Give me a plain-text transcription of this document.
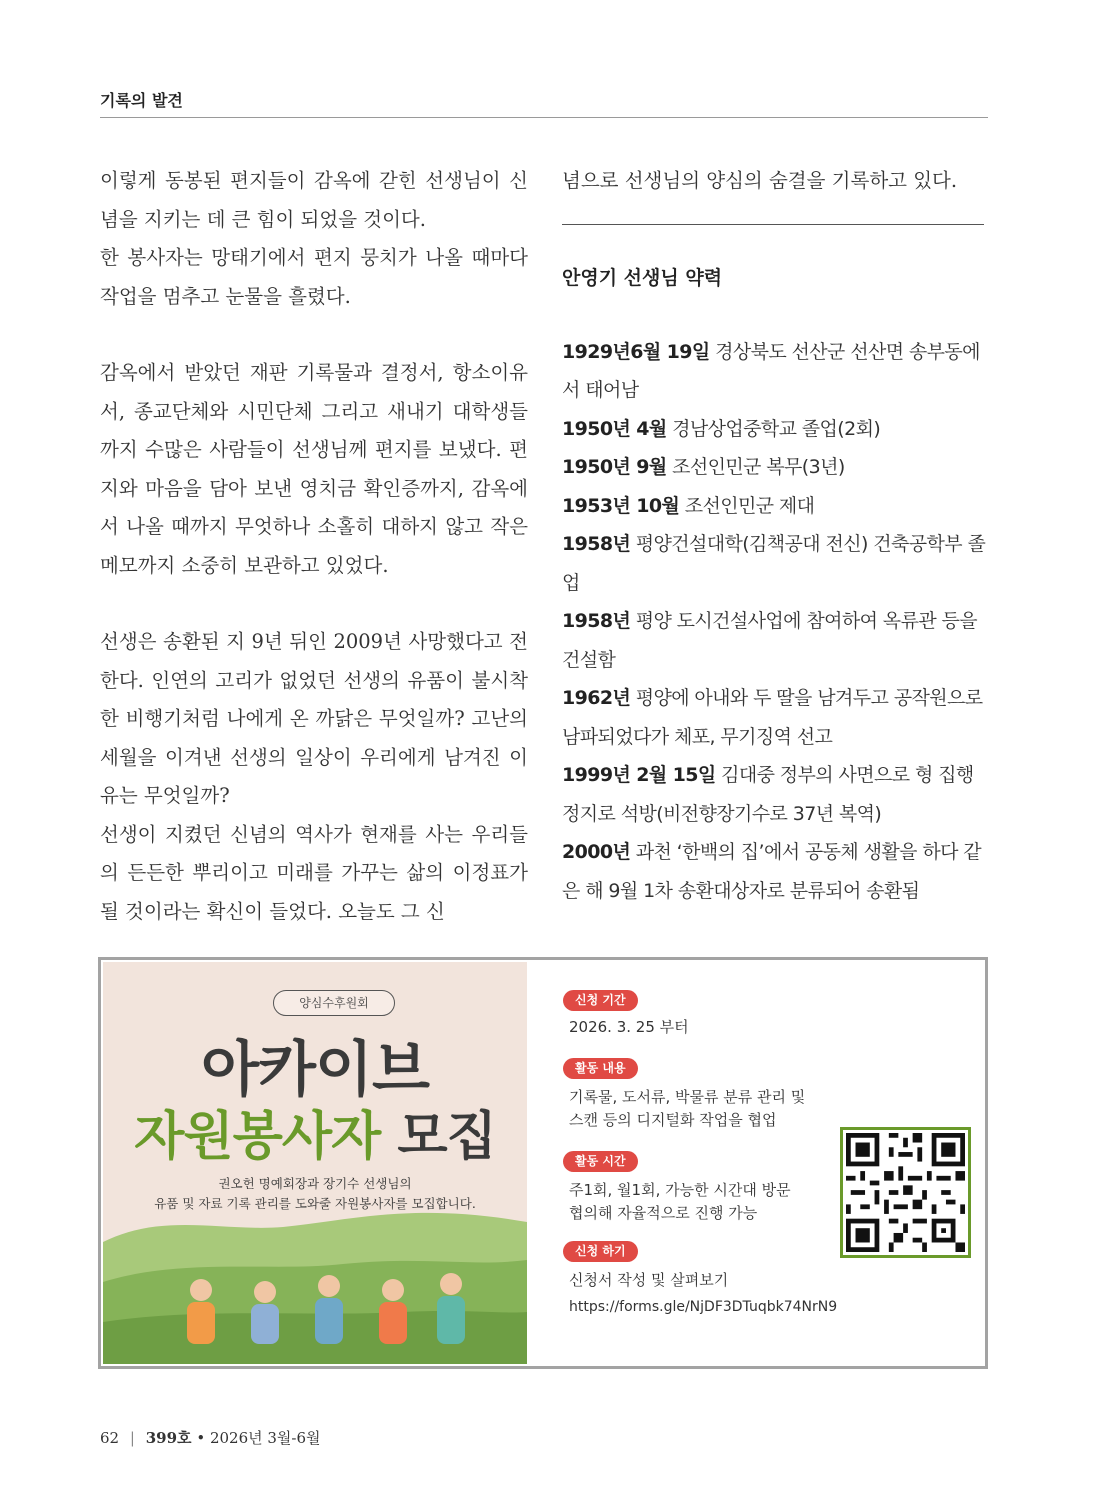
기록의 발견

이렇게 동봉된 편지들이 감옥에 갇힌 선생님이 신념을 지키는 데 큰 힘이 되었을 것이다.

한 봉사자는 망태기에서 편지 뭉치가 나올 때마다 작업을 멈추고 눈물을 흘렸다.

감옥에서 받았던 재판 기록물과 결정서, 항소이유서, 종교단체와 시민단체 그리고 새내기 대학생들까지 수많은 사람들이 선생님께 편지를 보냈다. 편지와 마음을 담아 보낸 영치금 확인증까지, 감옥에서 나올 때까지 무엇하나 소홀히 대하지 않고 작은 메모까지 소중히 보관하고 있었다.

선생은 송환된 지 9년 뒤인 2009년 사망했다고 전한다. 인연의 고리가 없었던 선생의 유품이 불시착한 비행기처럼 나에게 온 까닭은 무엇일까? 고난의 세월을 이겨낸 선생의 일상이 우리에게 남겨진 이유는 무엇일까?

선생이 지켰던 신념의 역사가 현재를 사는 우리들의 든든한 뿌리이고 미래를 가꾸는 삶의 이정표가 될 것이라는 확신이 들었다. 오늘도 그 신

념으로 선생님의 양심의 숨결을 기록하고 있다.

안영기 선생님 약력

1929년6월 19일 경상북도 선산군 선산면 송부동에서 태어남

1950년 4월 경남상업중학교 졸업(2회)

1950년 9월 조선인민군 복무(3년)

1953년 10월 조선인민군 제대

1958년 평양건설대학(김책공대 전신) 건축공학부 졸업

1958년 평양 도시건설사업에 참여하여 옥류관 등을 건설함

1962년 평양에 아내와 두 딸을 남겨두고 공작원으로 남파되었다가 체포, 무기징역 선고

1999년 2월 15일 김대중 정부의 사면으로 형 집행정지로 석방(비전향장기수로 37년 복역)

2000년 과천 ‘한백의 집’에서 공동체 생활을 하다 같은 해 9월 1차 송환대상자로 분류되어 송환됨

양심수후원회
아카이브
자원봉사자 모집
권오헌 명예회장과 장기수 선생님의
유품 및 자료 기록 관리를 도와줄 자원봉사자를 모집합니다.
신청 기간
2026. 3. 25 부터
활동 내용
기록물, 도서류, 박물류 분류 관리 및
스캔 등의 디지털화 작업을 협업
활동 시간
주1회, 월1회, 가능한 시간대 방문
협의해 자율적으로 진행 가능
신청 하기
신청서 작성 및 살펴보기
https://forms.gle/NjDF3DTuqbk74NrN9
62 | 399호 • 2026년 3월-6월
